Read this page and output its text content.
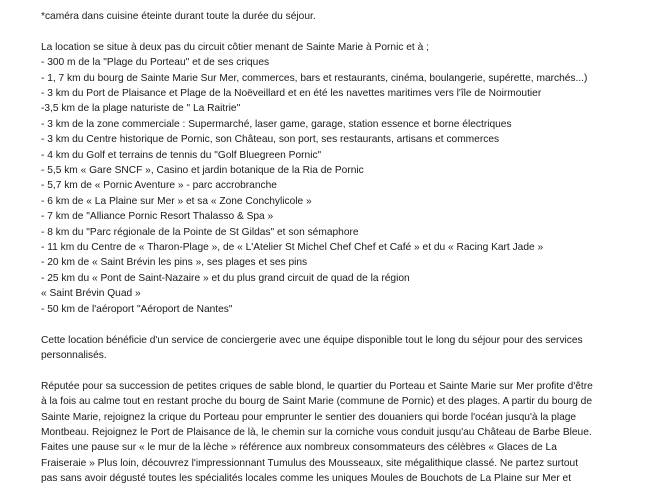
*caméra dans cuisine éteinte durant toute la durée du séjour.

La location se situe à deux pas du circuit côtier menant de Sainte Marie à Pornic et à ;
- 300 m de la "Plage du Porteau" et de ses criques
- 1, 7 km du bourg de Sainte Marie Sur Mer, commerces, bars et restaurants, cinéma, boulangerie, supérette, marchés...)
- 3 km du Port de Plaisance et Plage de la Noëveillard et en été les navettes maritimes vers l'île de Noirmoutier
-3,5 km de la plage naturiste de " La Raitrie"
- 3 km de la zone commerciale : Supermarché, laser game, garage, station essence et borne électriques
- 3 km du Centre historique de Pornic, son Château, son port, ses restaurants, artisans et commerces
- 4 km du Golf et terrains de tennis du "Golf Bluegreen Pornic"
- 5,5 km « Gare SNCF », Casino et jardin botanique de la Ria de Pornic
- 5,7 km de « Pornic Aventure » - parc accrobranche
- 6 km de « La Plaine sur Mer » et sa « Zone Conchylicole »
- 7 km de "Alliance Pornic Resort Thalasso & Spa »
- 8 km du "Parc régionale de la Pointe de St Gildas" et son sémaphore
- 11 km du Centre de « Tharon-Plage », de « L'Atelier St Michel Chef Chef et Café » et du « Racing Kart Jade »
- 20 km de « Saint Brévin les pins », ses plages et ses pins
- 25 km du « Pont de Saint-Nazaire » et du plus grand circuit de quad de la région
« Saint Brévin Quad »
- 50 km de l'aéroport "Aéroport de Nantes"

Cette location bénéficie d'un service de conciergerie avec une équipe disponible tout le long du séjour pour des services
personnalisés.

Réputée pour sa succession de petites criques de sable blond, le quartier du Porteau et Sainte Marie sur Mer profite d'être
à la fois au calme tout en restant proche du bourg de Saint Marie (commune de Pornic) et des plages. A partir du bourg de
Sainte Marie, rejoignez la crique du Porteau pour emprunter le sentier des douaniers qui borde l'océan jusqu'à la plage
Montbeau. Rejoignez le Port de Plaisance de là, le chemin sur la corniche vous conduit jusqu'au Château de Barbe Bleue.
Faites une pause sur « le mur de la lèche » référence aux nombreux consommateurs des célèbres « Glaces de La
Fraiseraie » Plus loin, découvrez l'impressionnant Tumulus des Mousseaux, site mégalithique classé. Ne partez surtout
pas sans avoir dégusté toutes les spécialités locales comme les uniques Moules de Bouchots de La Plaine sur Mer et
